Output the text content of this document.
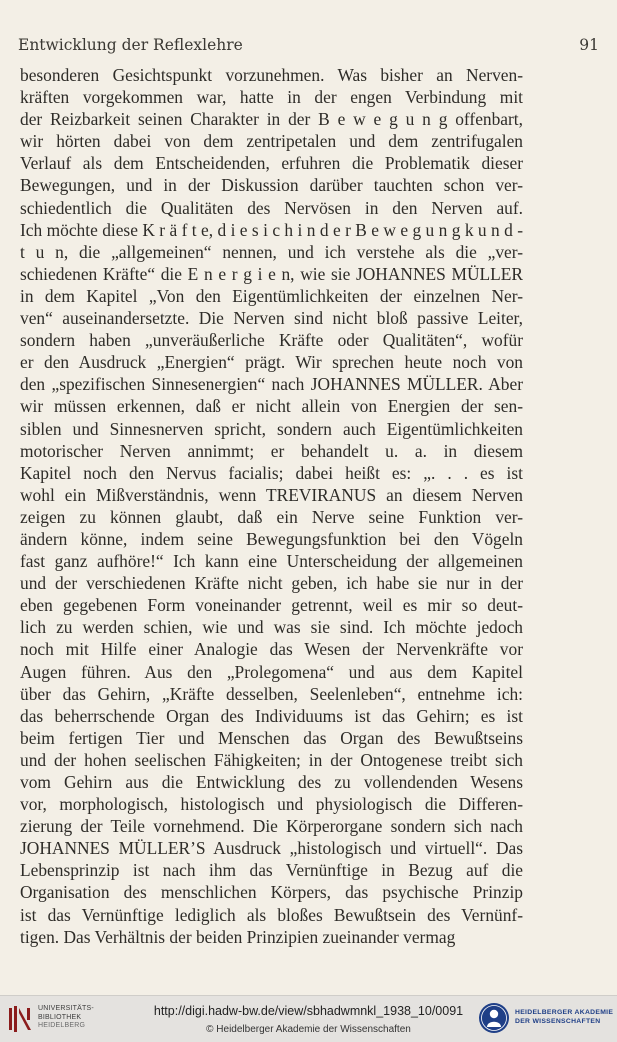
Entwicklung der Reflexlehre	91
besonderen Gesichtspunkt vorzunehmen. Was bisher an Nerven-
kräften vorgekommen war, hatte in der engen Verbindung mit
der Reizbarkeit seinen Charakter in der B e w e g u n g offenbart,
wir hörten dabei von dem zentripetalen und dem zentrifugalen
Verlauf als dem Entscheidenden, erfuhren die Problematik dieser
Bewegungen, und in der Diskussion darüber tauchten schon ver-
schiedentlich die Qualitäten des Nervösen in den Nerven auf.
Ich möchte diese K r ä f t e, d i e s i c h i n d e r B e w e g u n g k u n d -
t u n, die „allgemeinen“ nennen, und ich verstehe als die „ver-
schiedenen Kräfte“ die E n e r g i e n, wie sie JOHANNES MÜLLER
in dem Kapitel „Von den Eigentümlichkeiten der einzelnen Ner-
ven“ auseinandersetzte. Die Nerven sind nicht bloß passive Leiter,
sondern haben „unveräußerliche Kräfte oder Qualitäten“, wofür
er den Ausdruck „Energien“ prägt. Wir sprechen heute noch von
den „spezifischen Sinnesenergien“ nach JOHANNES MÜLLER. Aber
wir müssen erkennen, daß er nicht allein von Energien der sen-
siblen und Sinnesnerven spricht, sondern auch Eigentümlichkeiten
motorischer Nerven annimmt; er behandelt u. a. in diesem
Kapitel noch den Nervus facialis; dabei heißt es: „. . . es ist
wohl ein Mißverständnis, wenn TREVIRANUS an diesem Nerven
zeigen zu können glaubt, daß ein Nerve seine Funktion ver-
ändern könne, indem seine Bewegungsfunktion bei den Vögeln
fast ganz aufhöre!“ Ich kann eine Unterscheidung der allgemeinen
und der verschiedenen Kräfte nicht geben, ich habe sie nur in der
eben gegebenen Form voneinander getrennt, weil es mir so deut-
lich zu werden schien, wie und was sie sind. Ich möchte jedoch
noch mit Hilfe einer Analogie das Wesen der Nervenkräfte vor
Augen führen. Aus den „Prolegomena“ und aus dem Kapitel
über das Gehirn, „Kräfte desselben, Seelenleben“, entnehme ich:
das beherrschende Organ des Individuums ist das Gehirn; es ist
beim fertigen Tier und Menschen das Organ des Bewußtseins
und der hohen seelischen Fähigkeiten; in der Ontogenese treibt sich
vom Gehirn aus die Entwicklung des zu vollendenden Wesens
vor, morphologisch, histologisch und physiologisch die Differen-
zierung der Teile vornehmend. Die Körperorgane sondern sich nach
JOHANNES MÜLLER’S Ausdruck „histologisch und virtuell“. Das
Lebensprinzip ist nach ihm das Vernünftige in Bezug auf die
Organisation des menschlichen Körpers, das psychische Prinzip
ist das Vernünftige lediglich als bloßes Bewußtsein des Vernünf-
tigen. Das Verhältnis der beiden Prinzipien zueinander vermag
UNIVERSITÄTS-
BIBLIOTHEK
HEIDELBERG
http://digi.hadw-bw.de/view/sbhadwmnkl_1938_10/0091
© Heidelberger Akademie der Wissenschaften
HEIDELBERGER AKADEMIE
DER WISSENSCHAFTEN
